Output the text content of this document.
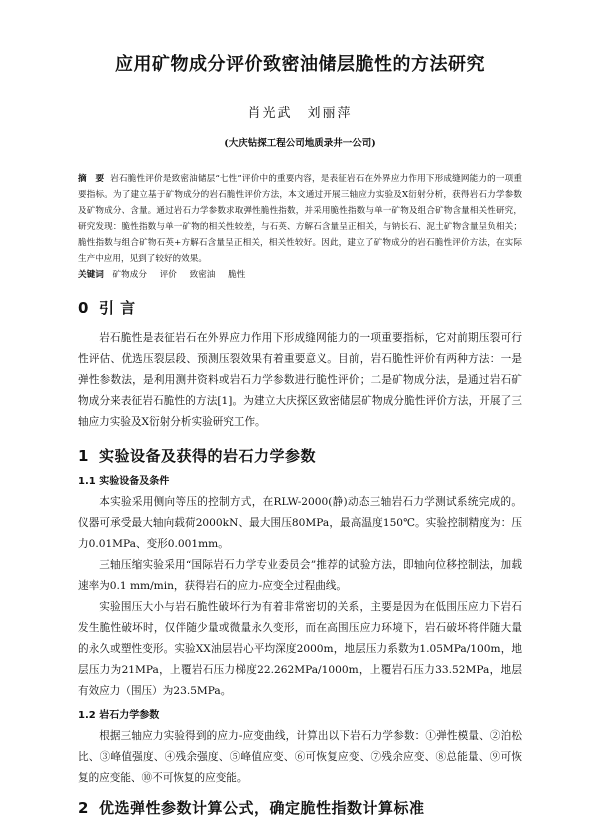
应用矿物成分评价致密油储层脆性的方法研究
肖光武　刘丽萍
(大庆钻探工程公司地质录井一公司)
摘　要 岩石脆性评价是致密油储层“七性”评价中的重要内容，是表征岩石在外界应力作用下形成缝网能力的一项重要指标。为了建立基于矿物成分的岩石脆性评价方法，本文通过开展三轴应力实验及X衍射分析，获得岩石力学参数及矿物成分、含量。通过岩石力学参数求取弹性脆性指数，并采用脆性指数与单一矿物及组合矿物含量相关性研究，研究发现：脆性指数与单一矿物的相关性较差，与石英、方解石含量呈正相关，与钠长石、泥土矿物含量呈负相关；脆性指数与组合矿物石英+方解石含量呈正相关，相关性较好。因此，建立了矿物成分的岩石脆性评价方法，在实际生产中应用，见到了较好的效果。
关键词 矿物成分 评价 致密油 脆性
0 引 言

岩石脆性是表征岩石在外界应力作用下形成缝网能力的一项重要指标，它对前期压裂可行性评估、优选压裂层段、预测压裂效果有着重要意义。目前，岩石脆性评价有两种方法：一是弹性参数法，是利用测井资料或岩石力学参数进行脆性评价；二是矿物成分法，是通过岩石矿物成分来表征岩石脆性的方法[1]。为建立大庆探区致密储层矿物成分脆性评价方法，开展了三轴应力实验及X衍射分析实验研究工作。

1 实验设备及获得的岩石力学参数
1.1 实验设备及条件

本实验采用侧向等压的控制方式，在RLW-2000(静)动态三轴岩石力学测试系统完成的。仪器可承受最大轴向载荷2000kN、最大围压80MPa，最高温度150℃。实验控制精度为：压力0.01MPa、变形0.001mm。

三轴压缩实验采用“国际岩石力学专业委员会”推荐的试验方法，即轴向位移控制法，加载速率为0.1 mm/min，获得岩石的应力-应变全过程曲线。

实验围压大小与岩石脆性破坏行为有着非常密切的关系，主要是因为在低围压应力下岩石发生脆性破坏时，仅伴随少量或微量永久变形，而在高围压应力环境下，岩石破坏将伴随大量的永久或塑性变形。实验XX油层岩心平均深度2000m，地层压力系数为1.05MPa/100m，地层压力为21MPa，上覆岩石压力梯度22.262MPa/1000m，上覆岩石压力33.52MPa，地层有效应力（围压）为23.5MPa。

1.2 岩石力学参数

根据三轴应力实验得到的应力-应变曲线，计算出以下岩石力学参数：①弹性模量、②泊松比、③峰值强度、④残余强度、⑤峰值应变、⑥可恢复应变、⑦残余应变、⑧总能量、⑨可恢复的应变能、⑩不可恢复的应变能。

2 优选弹性参数计算公式，确定脆性指数计算标准
